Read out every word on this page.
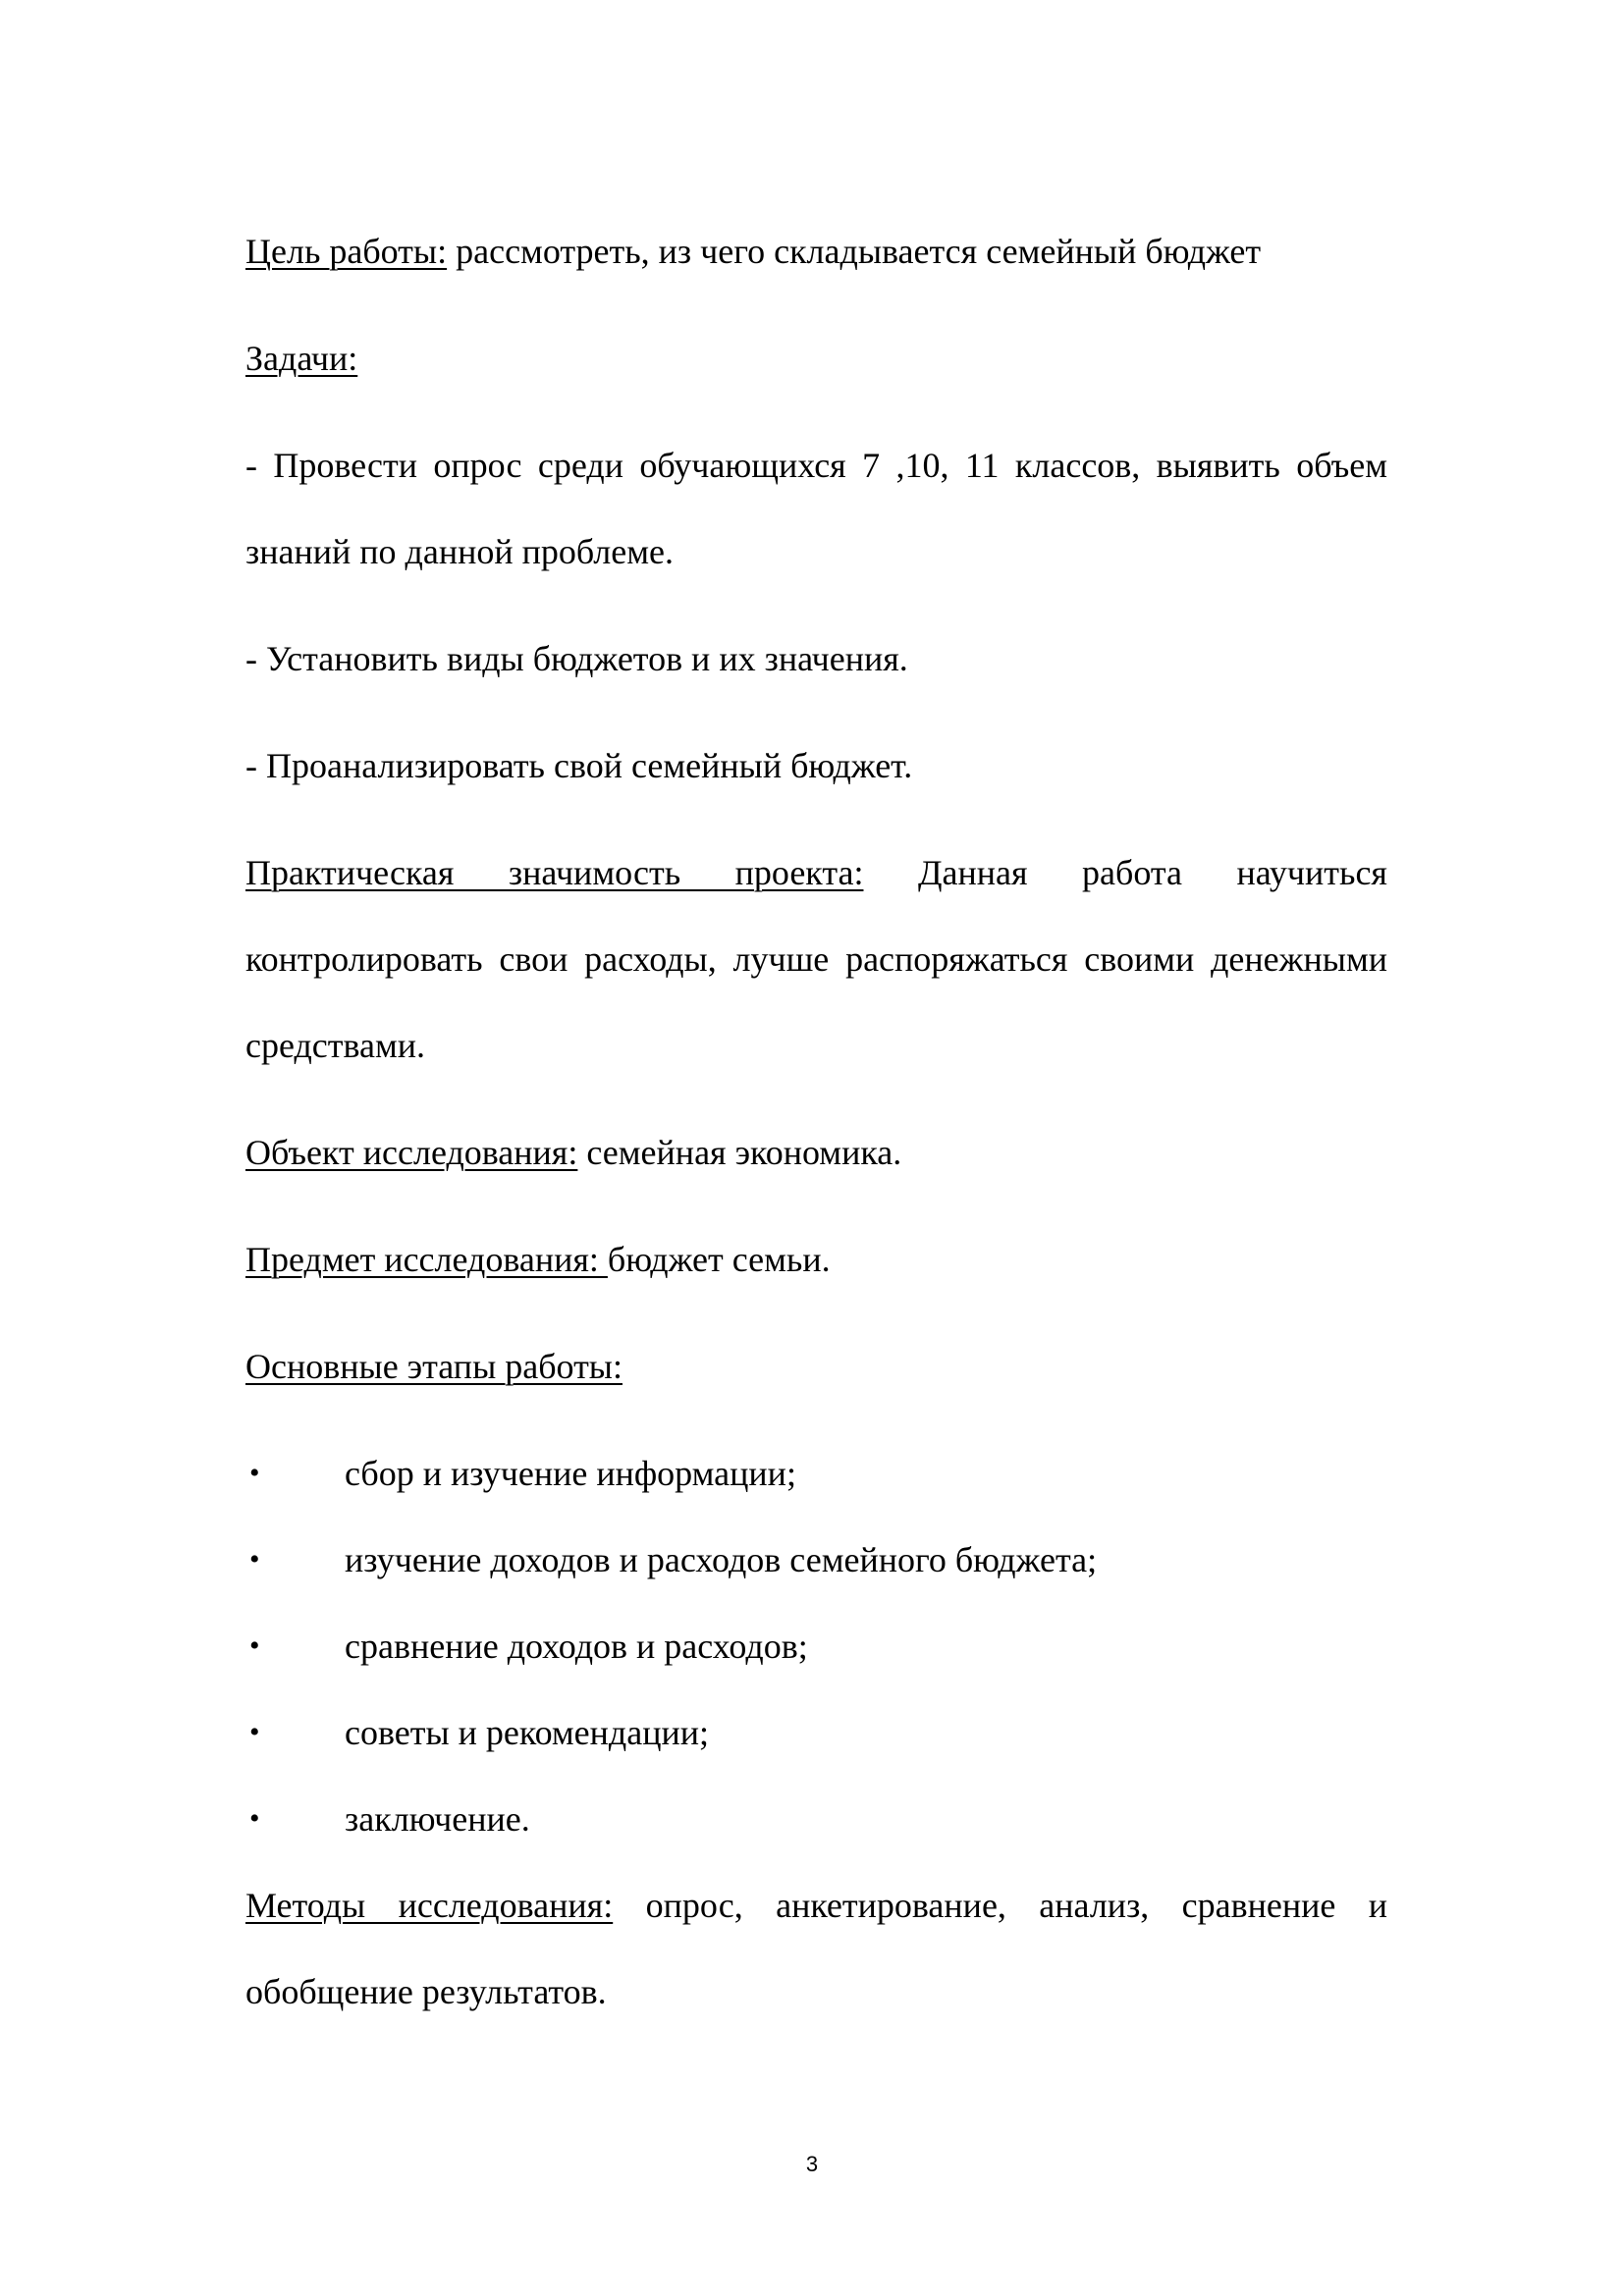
Цель работы: рассмотреть, из чего складывается семейный бюджет

Задачи:

- Провести опрос среди обучающихся 7 ,10, 11 классов, выявить объем знаний по данной проблеме.

- Установить виды бюджетов и их значения.

- Проанализировать свой семейный бюджет.

Практическая значимость проекта: Данная работа научиться контролировать свои расходы, лучше распоряжаться своими денежными средствами.

Объект исследования: семейная экономика.

Предмет исследования: бюджет семьи.

Основные этапы работы:

• сбор и изучение информации;
• изучение доходов и расходов семейного бюджета;
• сравнение доходов и расходов;
• советы и рекомендации;
• заключение.

Методы исследования: опрос, анкетирование, анализ, сравнение и обобщение результатов.

3
